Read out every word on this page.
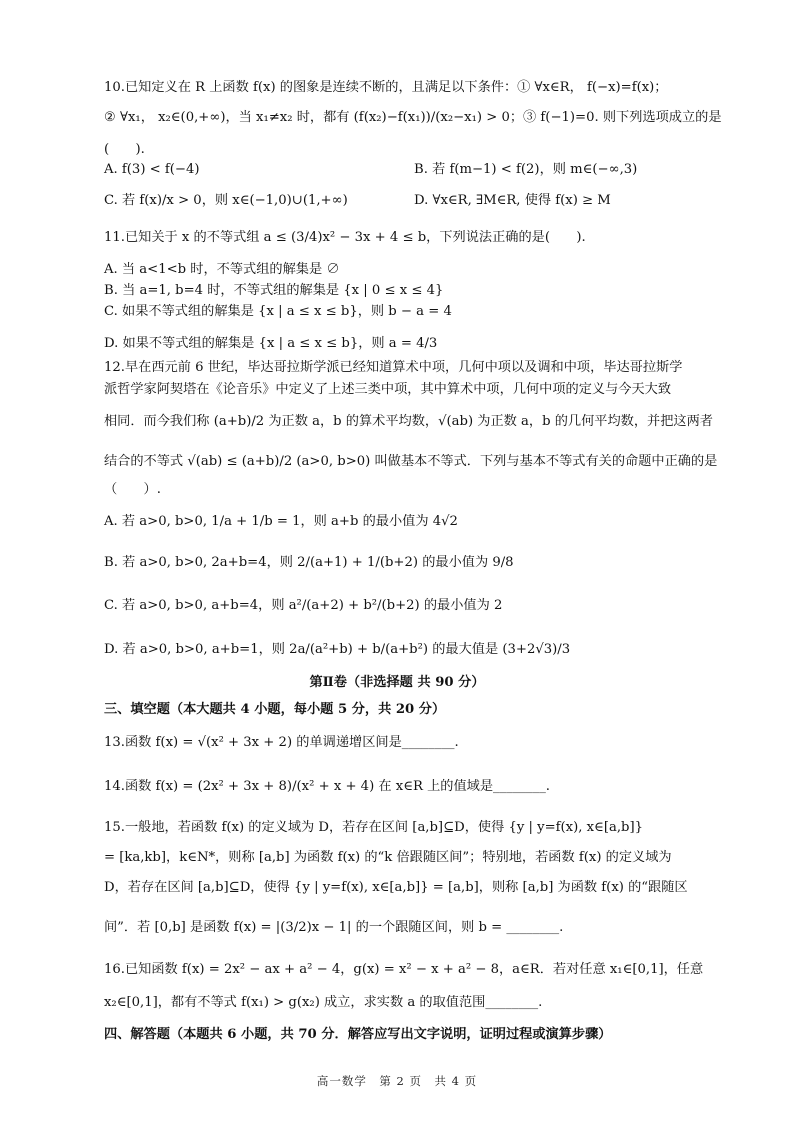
10.已知定义在 R 上函数 f(x) 的图象是连续不断的，且满足以下条件：① ∀x∈R， f(−x)=f(x)；
② ∀x₁， x₂∈(0,+∞)，当 x₁≠x₂ 时，都有 (f(x₂)−f(x₁))/(x₂−x₁) > 0；③ f(−1)=0. 则下列选项成立的是
(　　).
A. f(3) < f(−4)	B. 若 f(m−1) < f(2)，则 m∈(−∞,3)
C. 若 f(x)/x > 0，则 x∈(−1,0)∪(1,+∞)	D. ∀x∈R, ∃M∈R, 使得 f(x) ≥ M
11.已知关于 x 的不等式组 a ≤ (3/4)x² − 3x + 4 ≤ b，下列说法正确的是(　　).
A. 当 a<1<b 时，不等式组的解集是 ∅
B. 当 a=1, b=4 时，不等式组的解集是 {x | 0 ≤ x ≤ 4}
C. 如果不等式组的解集是 {x | a ≤ x ≤ b}，则 b − a = 4
D. 如果不等式组的解集是 {x | a ≤ x ≤ b}，则 a = 4/3
12.早在西元前 6 世纪，毕达哥拉斯学派已经知道算术中项，几何中项以及调和中项，毕达哥拉斯学
派哲学家阿契塔在《论音乐》中定义了上述三类中项，其中算术中项，几何中项的定义与今天大致
相同．而今我们称 (a+b)/2 为正数 a，b 的算术平均数，√(ab) 为正数 a，b 的几何平均数，并把这两者
结合的不等式 √(ab) ≤ (a+b)/2 (a>0, b>0) 叫做基本不等式．下列与基本不等式有关的命题中正确的是
（　　）.
A. 若 a>0, b>0, 1/a + 1/b = 1，则 a+b 的最小值为 4√2
B. 若 a>0, b>0, 2a+b=4，则 2/(a+1) + 1/(b+2) 的最小值为 9/8
C. 若 a>0, b>0, a+b=4，则 a²/(a+2) + b²/(b+2) 的最小值为 2
D. 若 a>0, b>0, a+b=1，则 2a/(a²+b) + b/(a+b²) 的最大值是 (3+2√3)/3
第Ⅱ卷（非选择题 共 90 分）
三、填空题（本大题共 4 小题，每小题 5 分，共 20 分）
13.函数 f(x) = √(x² + 3x + 2) 的单调递增区间是________.
14.函数 f(x) = (2x² + 3x + 8)/(x² + x + 4) 在 x∈R 上的值域是________.
15.一般地，若函数 f(x) 的定义域为 D，若存在区间 [a,b]⊆D，使得 {y | y=f(x), x∈[a,b]}
= [ka,kb]，k∈N*，则称 [a,b] 为函数 f(x) 的“k 倍跟随区间”；特别地，若函数 f(x) 的定义域为
D，若存在区间 [a,b]⊆D，使得 {y | y=f(x), x∈[a,b]} = [a,b]，则称 [a,b] 为函数 f(x) 的“跟随区
间”．若 [0,b] 是函数 f(x) = |(3/2)x − 1| 的一个跟随区间，则 b = ________.
16.已知函数 f(x) = 2x² − ax + a² − 4，g(x) = x² − x + a² − 8，a∈R．若对任意 x₁∈[0,1]，任意
x₂∈[0,1]，都有不等式 f(x₁) > g(x₂) 成立，求实数 a 的取值范围________.
四、解答题（本题共 6 小题，共 70 分．解答应写出文字说明，证明过程或演算步骤）
高一数学　第 2 页　共 4 页
